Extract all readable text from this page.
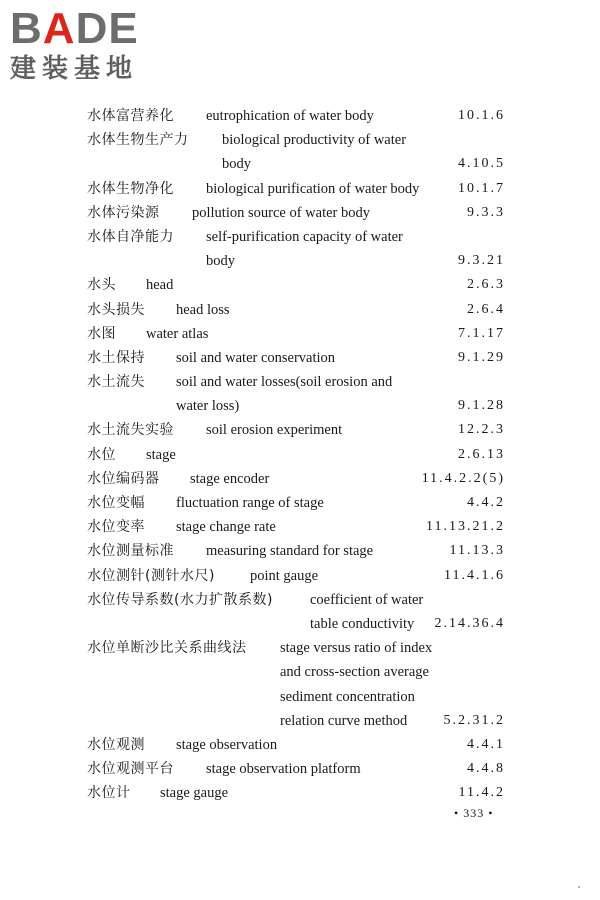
BADE
建装基地
水体富营养化 eutrophication of water body	10.1.6
水体生物生产力 biological productivity of water
body	4.10.5
水体生物净化 biological purification of water body	10.1.7
水体污染源 pollution source of water body	9.3.3
水体自净能力 self-purification capacity of water
body	9.3.21
水头 head	2.6.3
水头损失 head loss	2.6.4
水图 water atlas	7.1.17
水土保持 soil and water conservation	9.1.29
水土流失 soil and water losses(soil erosion and
water loss)	9.1.28
水土流失实验 soil erosion experiment	12.2.3
水位 stage	2.6.13
水位编码器 stage encoder	11.4.2.2(5)
水位变幅 fluctuation range of stage	4.4.2
水位变率 stage change rate	11.13.21.2
水位测量标准 measuring standard for stage	11.13.3
水位测针(测针水尺) point gauge	11.4.1.6
水位传导系数(水力扩散系数)	coefficient of water
table conductivity 2.14.36.4
水位单断沙比关系曲线法 stage versus ratio of index
and cross-section average
sediment concentration
relation curve method	5.2.31.2
水位观测 stage observation	4.4.1
水位观测平台 stage observation platform	4.4.8
水位计 stage gauge	11.4.2
• 333 •
